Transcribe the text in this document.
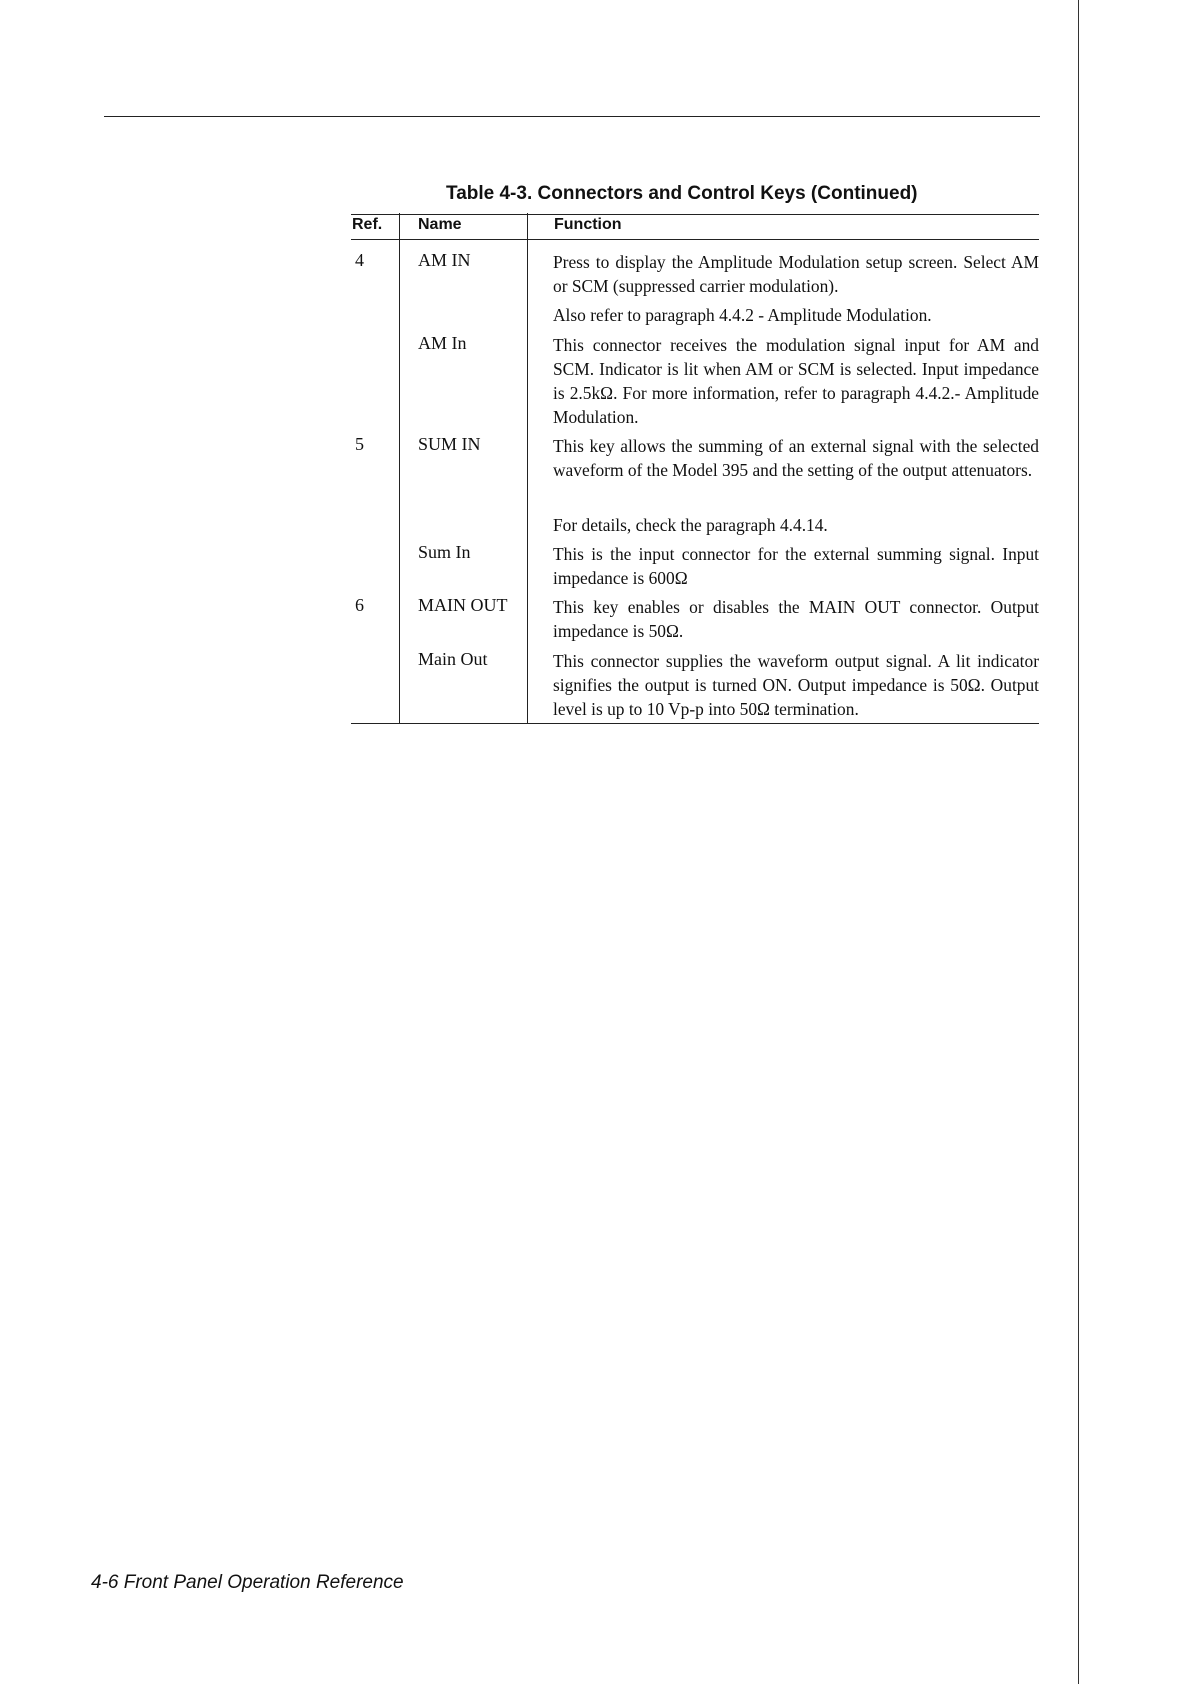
Table 4-3. Connectors and Control Keys (Continued)
Ref. Name	Function
4	AM IN	Press to display the Amplitude Modulation setup screen. Select AM or SCM (suppressed carrier modulation).
Also refer to paragraph 4.4.2 - Amplitude Modulation.
AM In	This connector receives the modulation signal input for AM and SCM. Indicator is lit when AM or SCM is selected. Input impedance is 2.5kΩ. For more information, refer to paragraph 4.4.2.- Amplitude Modulation.
5	SUM IN	This key allows the summing of an external signal with the selected waveform of the Model 395 and the setting of the output attenuators.
For details, check the paragraph 4.4.14.
Sum In	This is the input connector for the external summing signal. Input impedance is 600Ω
6	MAIN OUT	This key enables or disables the MAIN OUT connector. Output impedance is 50Ω.
Main Out	This connector supplies the waveform output signal. A lit indicator signifies the output is turned ON. Output impedance is 50Ω. Output level is up to 10 Vp-p into 50Ω termination.
4-6 Front Panel Operation Reference
